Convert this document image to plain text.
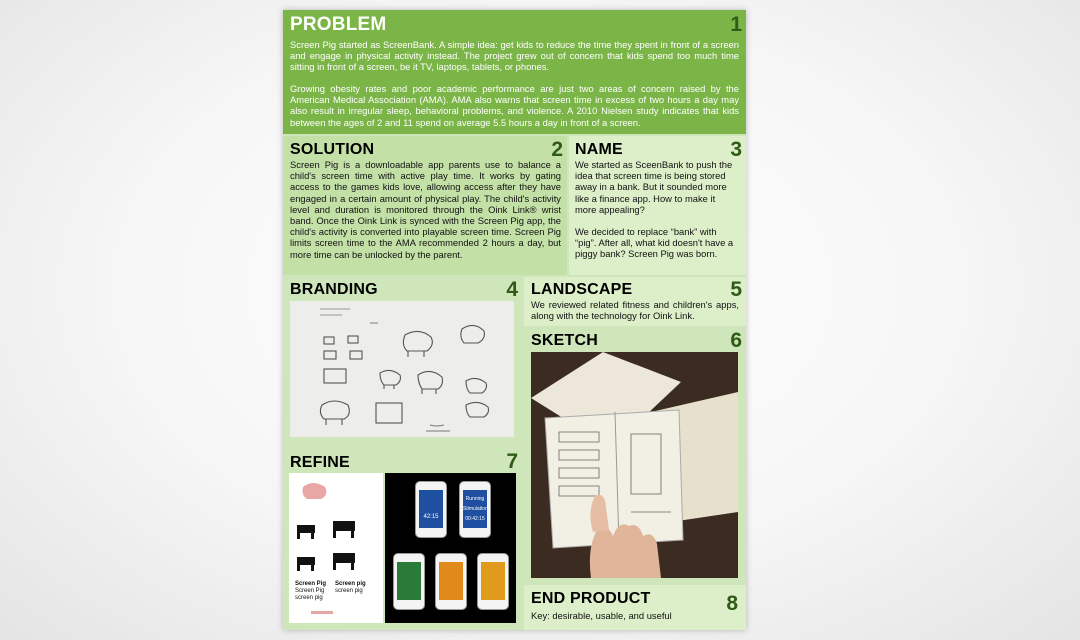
PROBLEM	1
Screen Pig started as ScreenBank. A simple idea: get kids to reduce the time they spent in front of a screen and engage in physical activity instead. The project grew out of concern that kids spend too much time sitting in front of a screen, be it TV, laptops, tablets, or phones.
Growing obesity rates and poor academic performance are just two areas of concern raised by the American Medical Association (AMA). AMA also warns that screen time in excess of two hours a day may also result in irregular sleep, behavioral problems, and violence. A 2010 Nielsen study indicates that kids between the ages of 2 and 11 spend on average 5.5 hours a day in front of a screen.
SOLUTION	2
Screen Pig is a downloadable app parents use to balance a child's screen time with active play time. It works by gating access to the games kids love, allowing access after they have engaged in a certain amount of physical play. The child's activity level and duration is monitored through the Oink Link® wrist band. Once the Oink Link is synced with the Screen Pig app, the child's activity is converted into playable screen time. Screen Pig limits screen time to the AMA recommended 2 hours a day, but more time can be unlocked by the parent.
NAME	3
We started as SceenBank to push the idea that screen time is being stored away in a bank. But it sounded more like a finance app. How to make it more appealing?
We decided to replace “bank” with “pig”. After all, what kid doesn't have a piggy bank? Screen Pig was born.
BRANDING	4 LANDSCAPE	5
We reviewed related fitness and children's apps, along with the technology for Oink Link.
SKETCH	6
REFINE	7
Screen Pig
Screen Pig
screen pig
Screen pig
screen pig
42:15
Running
Stimulation
00:42:15
END PRODUCT	8
Key: desirable, usable, and useful
